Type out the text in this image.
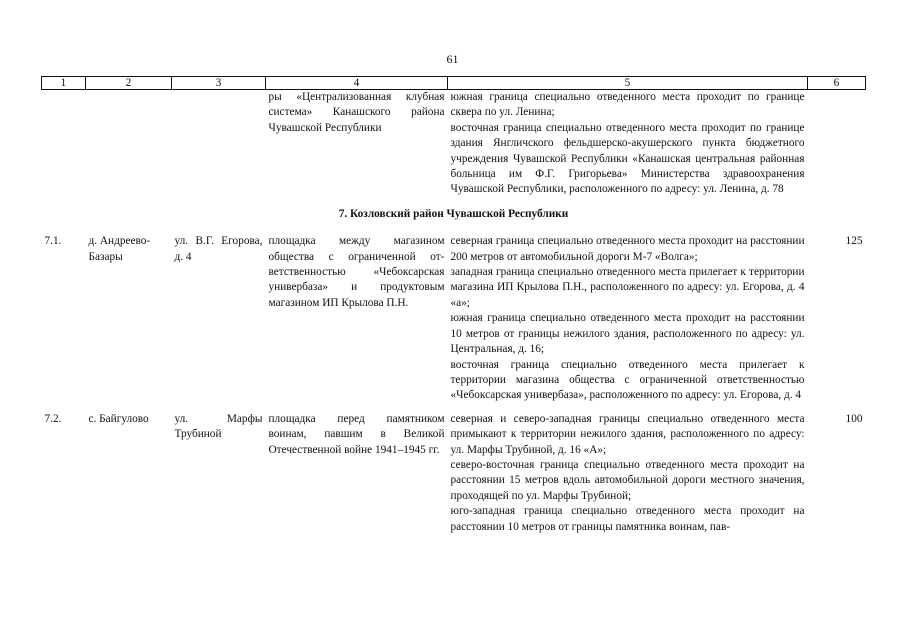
61
1	2	3	4	5	6
			ры «Централизованная клубная система» Канашского района Чувашской Республики	южная граница специально отведенного места проходит по границе сквера по ул. Ленина;
восточная граница специально отведенного места проходит по границе здания Янгличского фельдшерско-акушерского пункта бюджетного учреждения Чувашской Республики «Канашская центральная районная больница им Ф.Г. Григорьева» Министерства здравоохранения Чувашской Республики, расположенного по адресу: ул. Ленина, д. 78	

7. Козловский район Чувашской Республики					
7.1.	д. Андреево-Базары	ул. В.Г. Егорова, д. 4	площадка между магазином общества с ограниченной ответственностью «Чебоксарская универбаза» и продуктовым магазином ИП Крылова П.Н.	северная граница специально отведенного места проходит на расстоянии 200 метров от автомобильной дороги М-7 «Волга»;
западная граница специально отведенного места прилегает к территории магазина ИП Крылова П.Н., расположенного по адресу: ул. Егорова, д. 4 «а»;
южная граница специально отведенного места проходит на расстоянии 10 метров от границы нежилого здания, расположенного по адресу: ул. Центральная, д. 16;
восточная граница специально отведенного места прилегает к территории магазина общества с ограниченной ответственностью «Чебоксарская универбаза», расположенного по адресу: ул. Егорова, д. 4	125

7.2.	с. Байгулово	ул. Марфы Трубиной	площадка перед памятником воинам, павшим в Великой Отечественной войне 1941–1945 гг.	северная и северо-западная границы специально отведенного места примыкают к территории нежилого здания, расположенного по адресу: ул. Марфы Трубиной, д. 16 «А»;
северо-восточная граница специально отведенного места проходит на расстоянии 15 метров вдоль автомобильной дороги местного значения, проходящей по ул. Марфы Трубиной;
юго-западная граница специально отведенного места проходит на расстоянии 10 метров от границы памятника воинам, пав-	100
